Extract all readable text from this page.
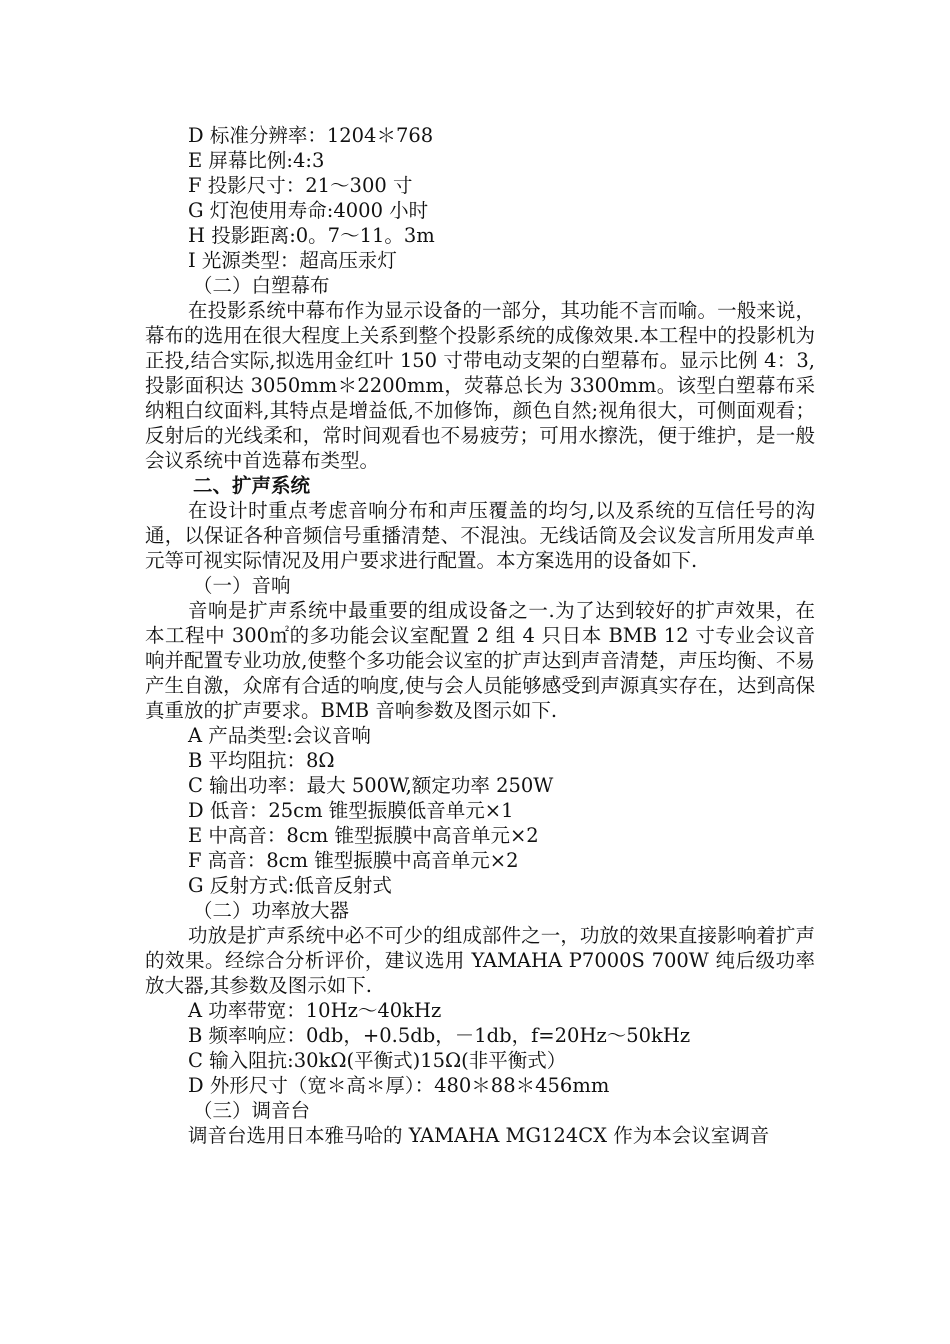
D 标准分辨率：1204＊768
E 屏幕比例:4:3
F 投影尺寸：21～300 寸
G 灯泡使用寿命:4000 小时
H 投影距离:0。7～11。3m
I 光源类型：超高压汞灯
（二）白塑幕布

在投影系统中幕布作为显示设备的一部分，其功能不言而喻。一般来说，幕布的选用在很大程度上关系到整个投影系统的成像效果.本工程中的投影机为正投,结合实际,拟选用金红叶 150 寸带电动支架的白塑幕布。显示比例 4：3,投影面积达 3050mm＊2200mm，荧幕总长为 3300mm。该型白塑幕布采纳粗白纹面料,其特点是增益低,不加修饰，颜色自然;视角很大，可侧面观看；反射后的光线柔和，常时间观看也不易疲劳；可用水擦洗，便于维护，是一般会议系统中首选幕布类型。

二、扩声系统

在设计时重点考虑音响分布和声压覆盖的均匀,以及系统的互信任号的沟通，以保证各种音频信号重播清楚、不混浊。无线话筒及会议发言所用发声单元等可视实际情况及用户要求进行配置。本方案选用的设备如下.

（一）音响

音响是扩声系统中最重要的组成设备之一.为了达到较好的扩声效果，在本工程中 300㎡的多功能会议室配置 2 组 4 只日本 BMB 12 寸专业会议音响并配置专业功放,使整个多功能会议室的扩声达到声音清楚，声压均衡、不易产生自激，众席有合适的响度,使与会人员能够感受到声源真实存在，达到高保真重放的扩声要求。BMB 音响参数及图示如下.

A 产品类型:会议音响
B 平均阻抗：8Ω
C 输出功率：最大 500W,额定功率 250W
D 低音：25cm 锥型振膜低音单元×1
E 中高音：8cm 锥型振膜中高音单元×2
F 高音：8cm 锥型振膜中高音单元×2
G 反射方式:低音反射式
（二）功率放大器

功放是扩声系统中必不可少的组成部件之一，功放的效果直接影响着扩声的效果。经综合分析评价，建议选用 YAMAHA P7000S 700W 纯后级功率放大器,其参数及图示如下.

A 功率带宽：10Hz～40kHz
B 频率响应：0db，+0.5db，－1db，f=20Hz～50kHz
C 输入阻抗:30kΩ(平衡式)15Ω(非平衡式）
D 外形尺寸（宽＊高＊厚）：480＊88＊456mm
（三）调音台

调音台选用日本雅马哈的 YAMAHA MG124CX 作为本会议室调音
